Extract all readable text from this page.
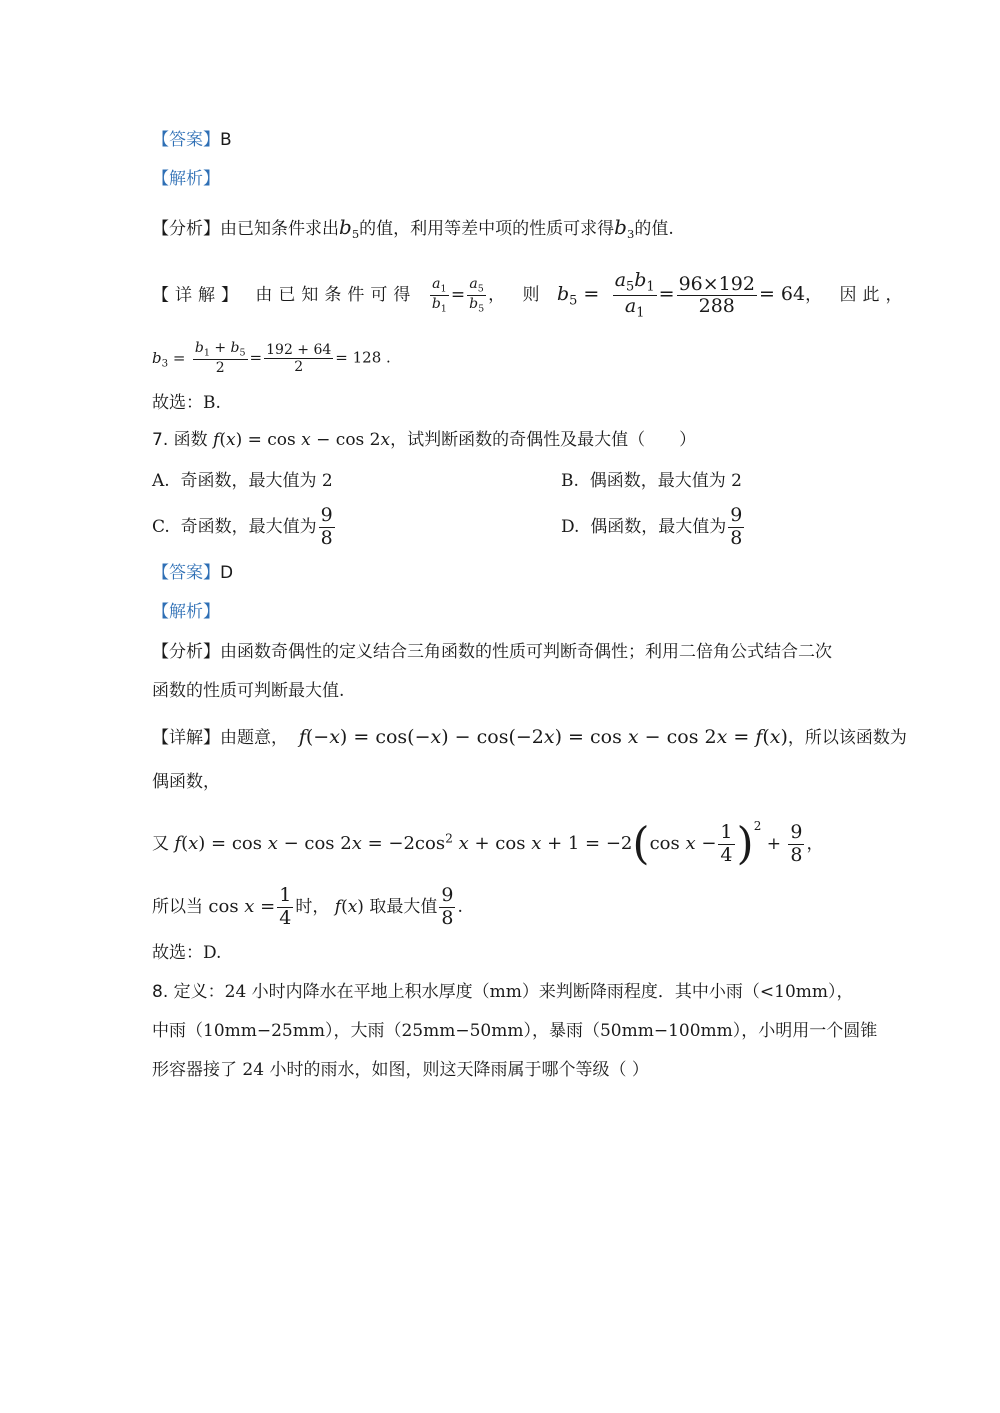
【答案】B
【解析】
【分析】由已知条件求出$b_5$的值，利用等差中项的性质可求得$b_3$的值.
【详解】 由已知条件可得 $\frac{a_1}{b_1} = \frac{a_5}{b_5}$ ， 则 $b_5 = \frac{a_5b_1}{a_1} = \frac{96\times 192}{288} = 64$， 因此，
$b_3 = \frac{b_1 + b_5}{2} = \frac{192 + 64}{2} = 128$ .
故选：B.
7. 函数 f(x) = cos x − cos 2x，试判断函数的奇偶性及最大值（　　）
A.  奇函数，最大值为 2	B.  偶函数，最大值为 2
C.  奇函数，最大值为 $\frac{9}{8}$	D.  偶函数，最大值为 $\frac{9}{8}$
【答案】D
【解析】
【分析】由函数奇偶性的定义结合三角函数的性质可判断奇偶性；利用二倍角公式结合二次
函数的性质可判断最大值.
【详解】由题意，  f(−x) = cos(−x) − cos(−2x) = cos x − cos 2x = f(x)，所以该函数为
偶函数，
又 $f(x) = \cos x - \cos 2x = -2\cos^2$ x + cos x + 1 = −2(cos $x - \frac{1}{4} )^2 + \frac{9}{8}$ ，
所以当 $\cos x = \frac{1}{4}$ 时， f(x) 取最大值 $\frac{9}{8}$ .
故选：D.
8. 定义：24 小时内降水在平地上积水厚度（mm）来判断降雨程度．其中小雨（<10mm），
中雨（10mm−25mm），大雨（25mm−50mm），暴雨（50mm−100mm），小明用一个圆锥
形容器接了 24 小时的雨水，如图，则这天降雨属于哪个等级（ ）
